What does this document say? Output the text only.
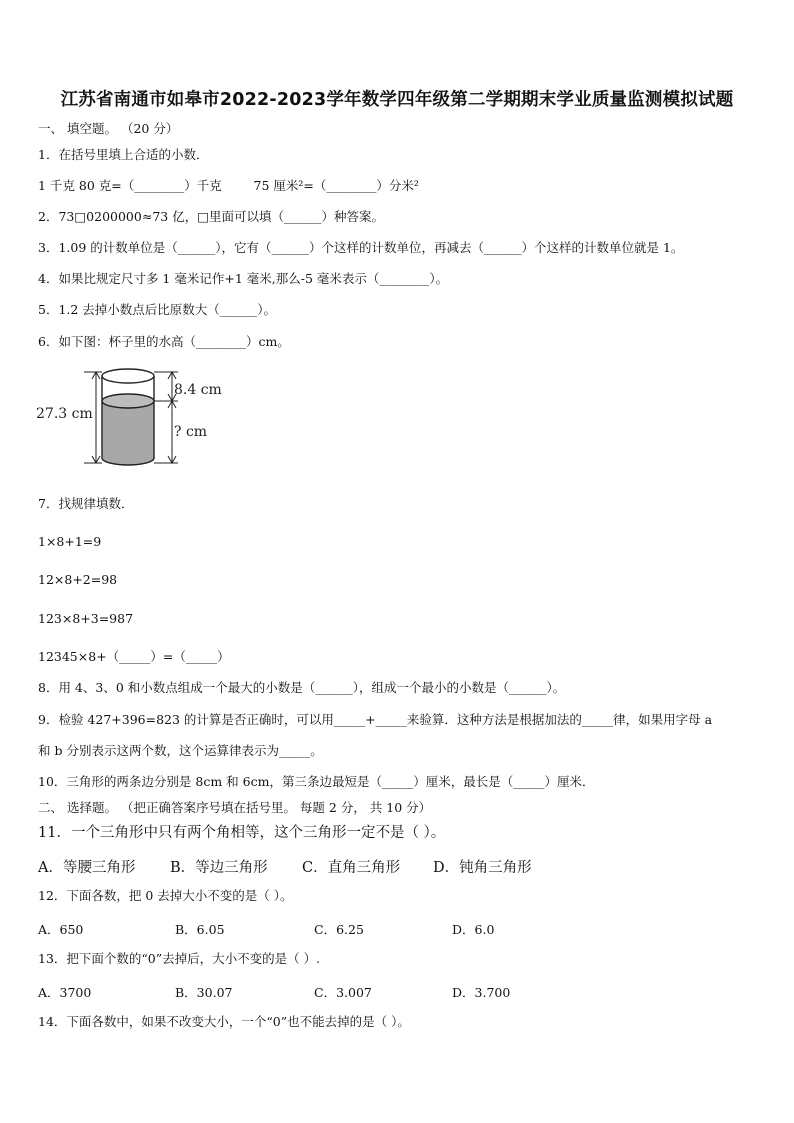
江苏省南通市如皋市2022-2023学年数学四年级第二学期期末学业质量监测模拟试题
一、 填空题。 （20 分）
1．在括号里填上合适的小数．
1 千克 80 克=（________）千克        75 厘米²=（________）分米²
2．73□0200000≈73 亿，□里面可以填（______）种答案。
3．1.09 的计数单位是（______），它有（______）个这样的计数单位，再减去（______）个这样的计数单位就是 1。
4．如果比规定尺寸多 1 毫米记作+1 毫米,那么-5 毫米表示（________）。
5．1.2 去掉小数点后比原数大（______）。
6．如下图：杯子里的水高（________）cm。
27.3 cm
8.4 cm
? cm
7．找规律填数．
1×8+1=9
12×8+2=98
123×8+3=987
12345×8+（_____）=（_____）
8．用 4、3、0 和小数点组成一个最大的小数是（______），组成一个最小的小数是（______）。
9．检验 427+396=823 的计算是否正确时，可以用_____+_____来验算．这种方法是根据加法的_____律，如果用字母 a
和 b 分别表示这两个数，这个运算律表示为_____。
10．三角形的两条边分别是 8cm 和 6cm，第三条边最短是（_____）厘米，最长是（_____）厘米．
二、 选择题。 （把正确答案序号填在括号里。 每题 2 分， 共 10 分）
11．一个三角形中只有两个角相等，这个三角形一定不是（ ）。
A．等腰三角形 B．等边三角形 C．直角三角形 D．钝角三角形
12．下面各数，把 0 去掉大小不变的是（ ）。
A．650	B．6.05	C．6.25	D．6.0
13．把下面个数的“0”去掉后，大小不变的是（ ）.
A．3700	B．30.07	C．3.007	D．3.700
14．下面各数中，如果不改变大小，一个“0”也不能去掉的是（ ）。
